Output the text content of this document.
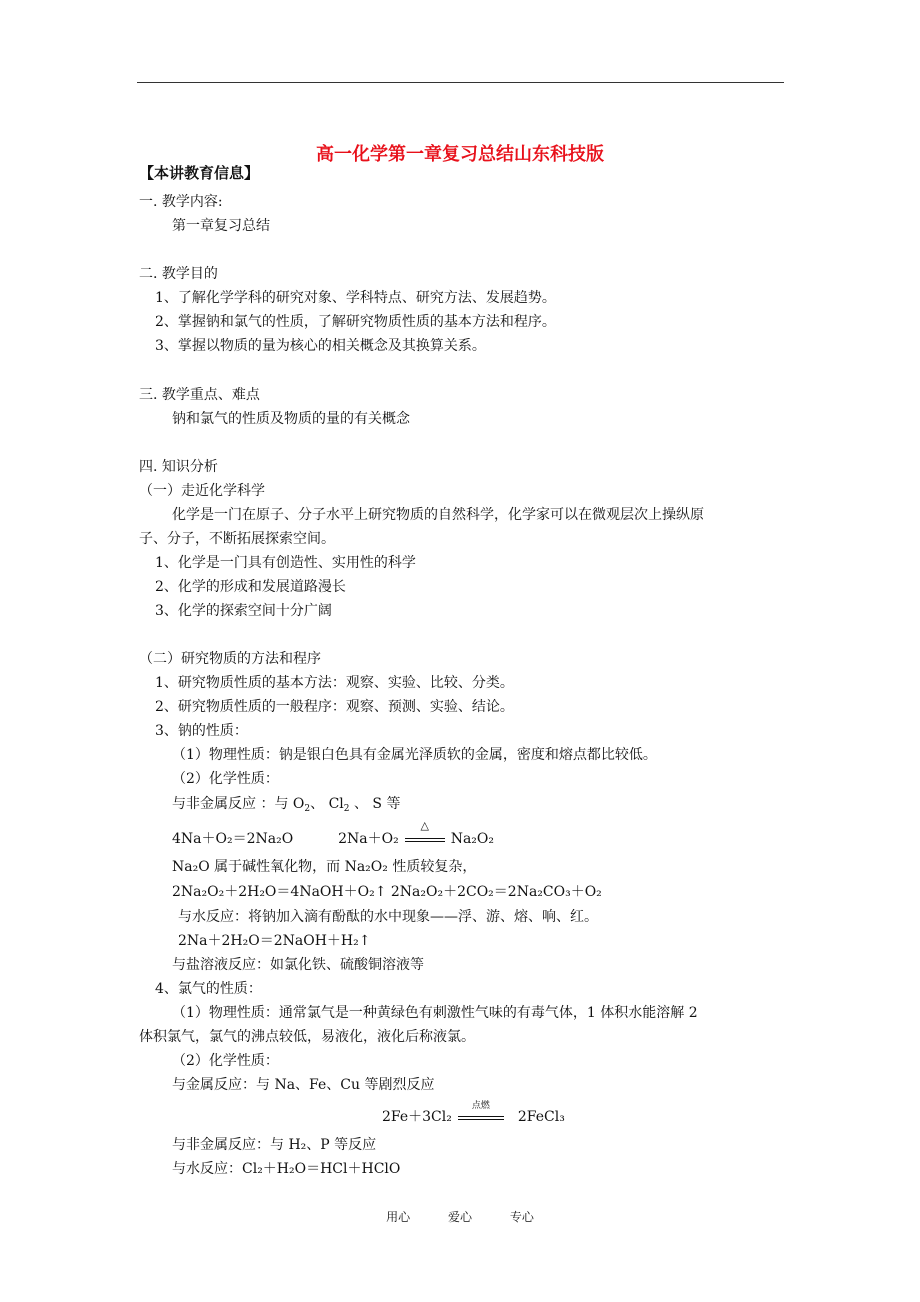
高一化学第一章复习总结山东科技版
【本讲教育信息】
一. 教学内容:
第一章复习总结
二. 教学目的
1、了解化学学科的研究对象、学科特点、研究方法、发展趋势。
2、掌握钠和氯气的性质，了解研究物质性质的基本方法和程序。
3、掌握以物质的量为核心的相关概念及其换算关系。
三. 教学重点、难点
钠和氯气的性质及物质的量的有关概念
四. 知识分析
（一）走近化学科学
化学是一门在原子、分子水平上研究物质的自然科学，化学家可以在微观层次上操纵原
子、分子，不断拓展探索空间。
1、化学是一门具有创造性、实用性的科学
2、化学的形成和发展道路漫长
3、化学的探索空间十分广阔
（二）研究物质的方法和程序
1、研究物质性质的基本方法：观察、实验、比较、分类。
2、研究物质性质的一般程序：观察、预测、实验、结论。
3、钠的性质：
（1）物理性质：钠是银白色具有金属光泽质软的金属，密度和熔点都比较低。
（2）化学性质：
与非金属反应 ：与 $O_2$、 $Cl_2$ 、 S 等
4Na＋O₂＝2Na₂O	2Na＋O₂
△
Na₂O₂
Na₂O 属于碱性氧化物，而 Na₂O₂ 性质较复杂，
2Na₂O₂＋2H₂O＝4NaOH＋O₂↑ 2Na₂O₂＋2CO₂＝2Na₂CO₃＋O₂
与水反应：将钠加入滴有酚酞的水中现象——浮、游、熔、响、红。
2Na＋2H₂O＝2NaOH＋H₂↑
与盐溶液反应：如氯化铁、硫酸铜溶液等
4、氯气的性质：
（1）物理性质：通常氯气是一种黄绿色有刺激性气味的有毒气体，1 体积水能溶解 2
体积氯气，氯气的沸点较低，易液化，液化后称液氯。
（2）化学性质：
与金属反应：与 Na、Fe、Cu 等剧烈反应
2Fe＋3Cl₂
点燃
2FeCl₃
与非金属反应：与 H₂、P 等反应
与水反应：Cl₂＋H₂O＝HCl＋HClO
用心	爱心	专心
